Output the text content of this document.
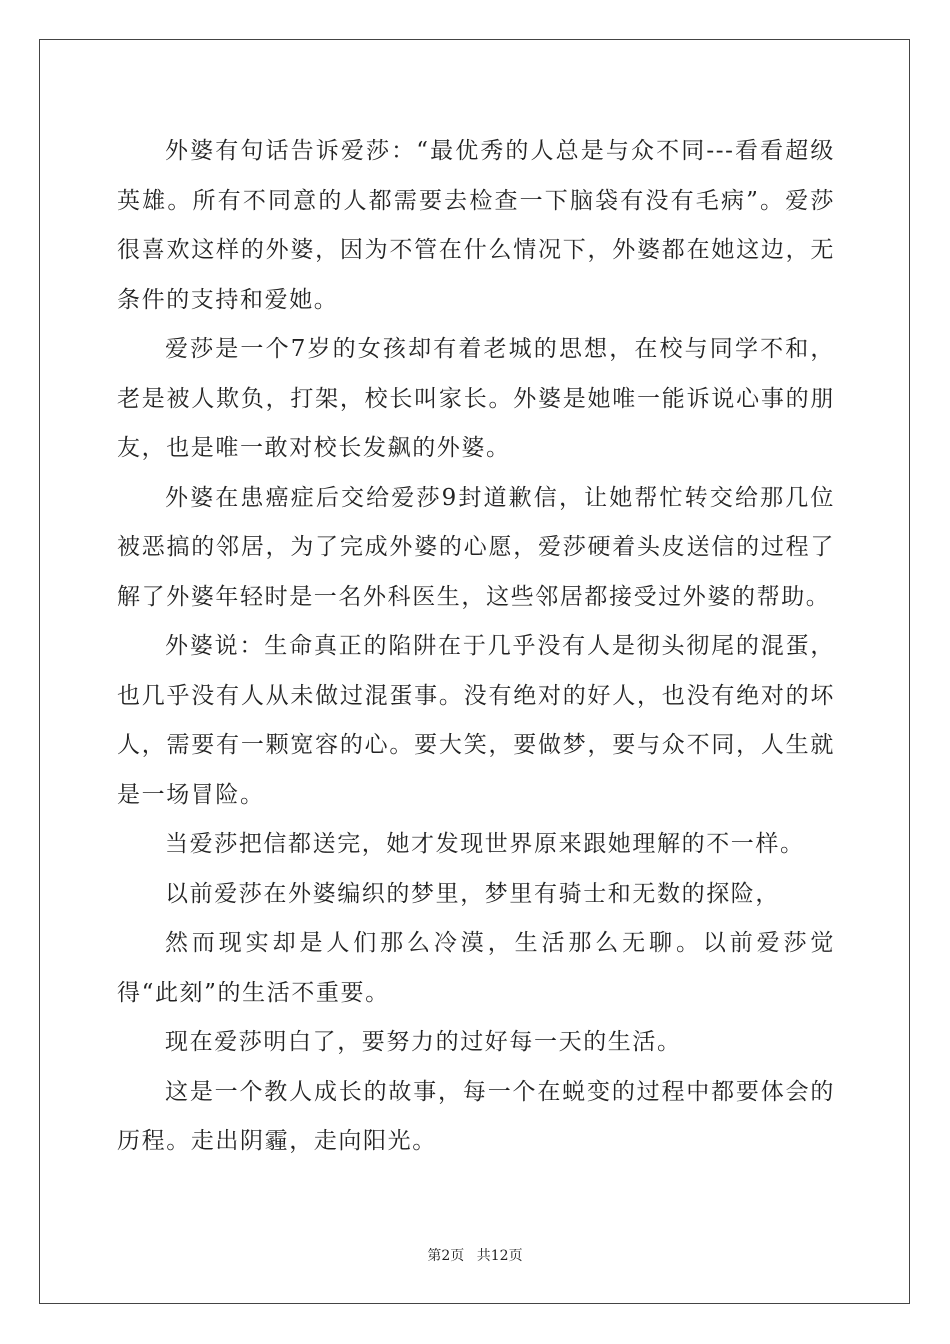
外婆有句话告诉爱莎：“最优秀的人总是与众不同---看看超级英雄。所有不同意的人都需要去检查一下脑袋有没有毛病”。爱莎很喜欢这样的外婆，因为不管在什么情况下，外婆都在她这边，无条件的支持和爱她。

爱莎是一个7岁的女孩却有着老城的思想，在校与同学不和，老是被人欺负，打架，校长叫家长。外婆是她唯一能诉说心事的朋友，也是唯一敢对校长发飙的外婆。

外婆在患癌症后交给爱莎9封道歉信，让她帮忙转交给那几位被恶搞的邻居，为了完成外婆的心愿，爱莎硬着头皮送信的过程了解了外婆年轻时是一名外科医生，这些邻居都接受过外婆的帮助。

外婆说：生命真正的陷阱在于几乎没有人是彻头彻尾的混蛋，也几乎没有人从未做过混蛋事。没有绝对的好人，也没有绝对的坏人，需要有一颗宽容的心。要大笑，要做梦，要与众不同，人生就是一场冒险。

当爱莎把信都送完，她才发现世界原来跟她理解的不一样。

以前爱莎在外婆编织的梦里，梦里有骑士和无数的探险，

然而现实却是人们那么冷漠，生活那么无聊。以前爱莎觉得“此刻”的生活不重要。

现在爱莎明白了，要努力的过好每一天的生活。

这是一个教人成长的故事，每一个在蜕变的过程中都要体会的历程。走出阴霾，走向阳光。

第2页 共12页
